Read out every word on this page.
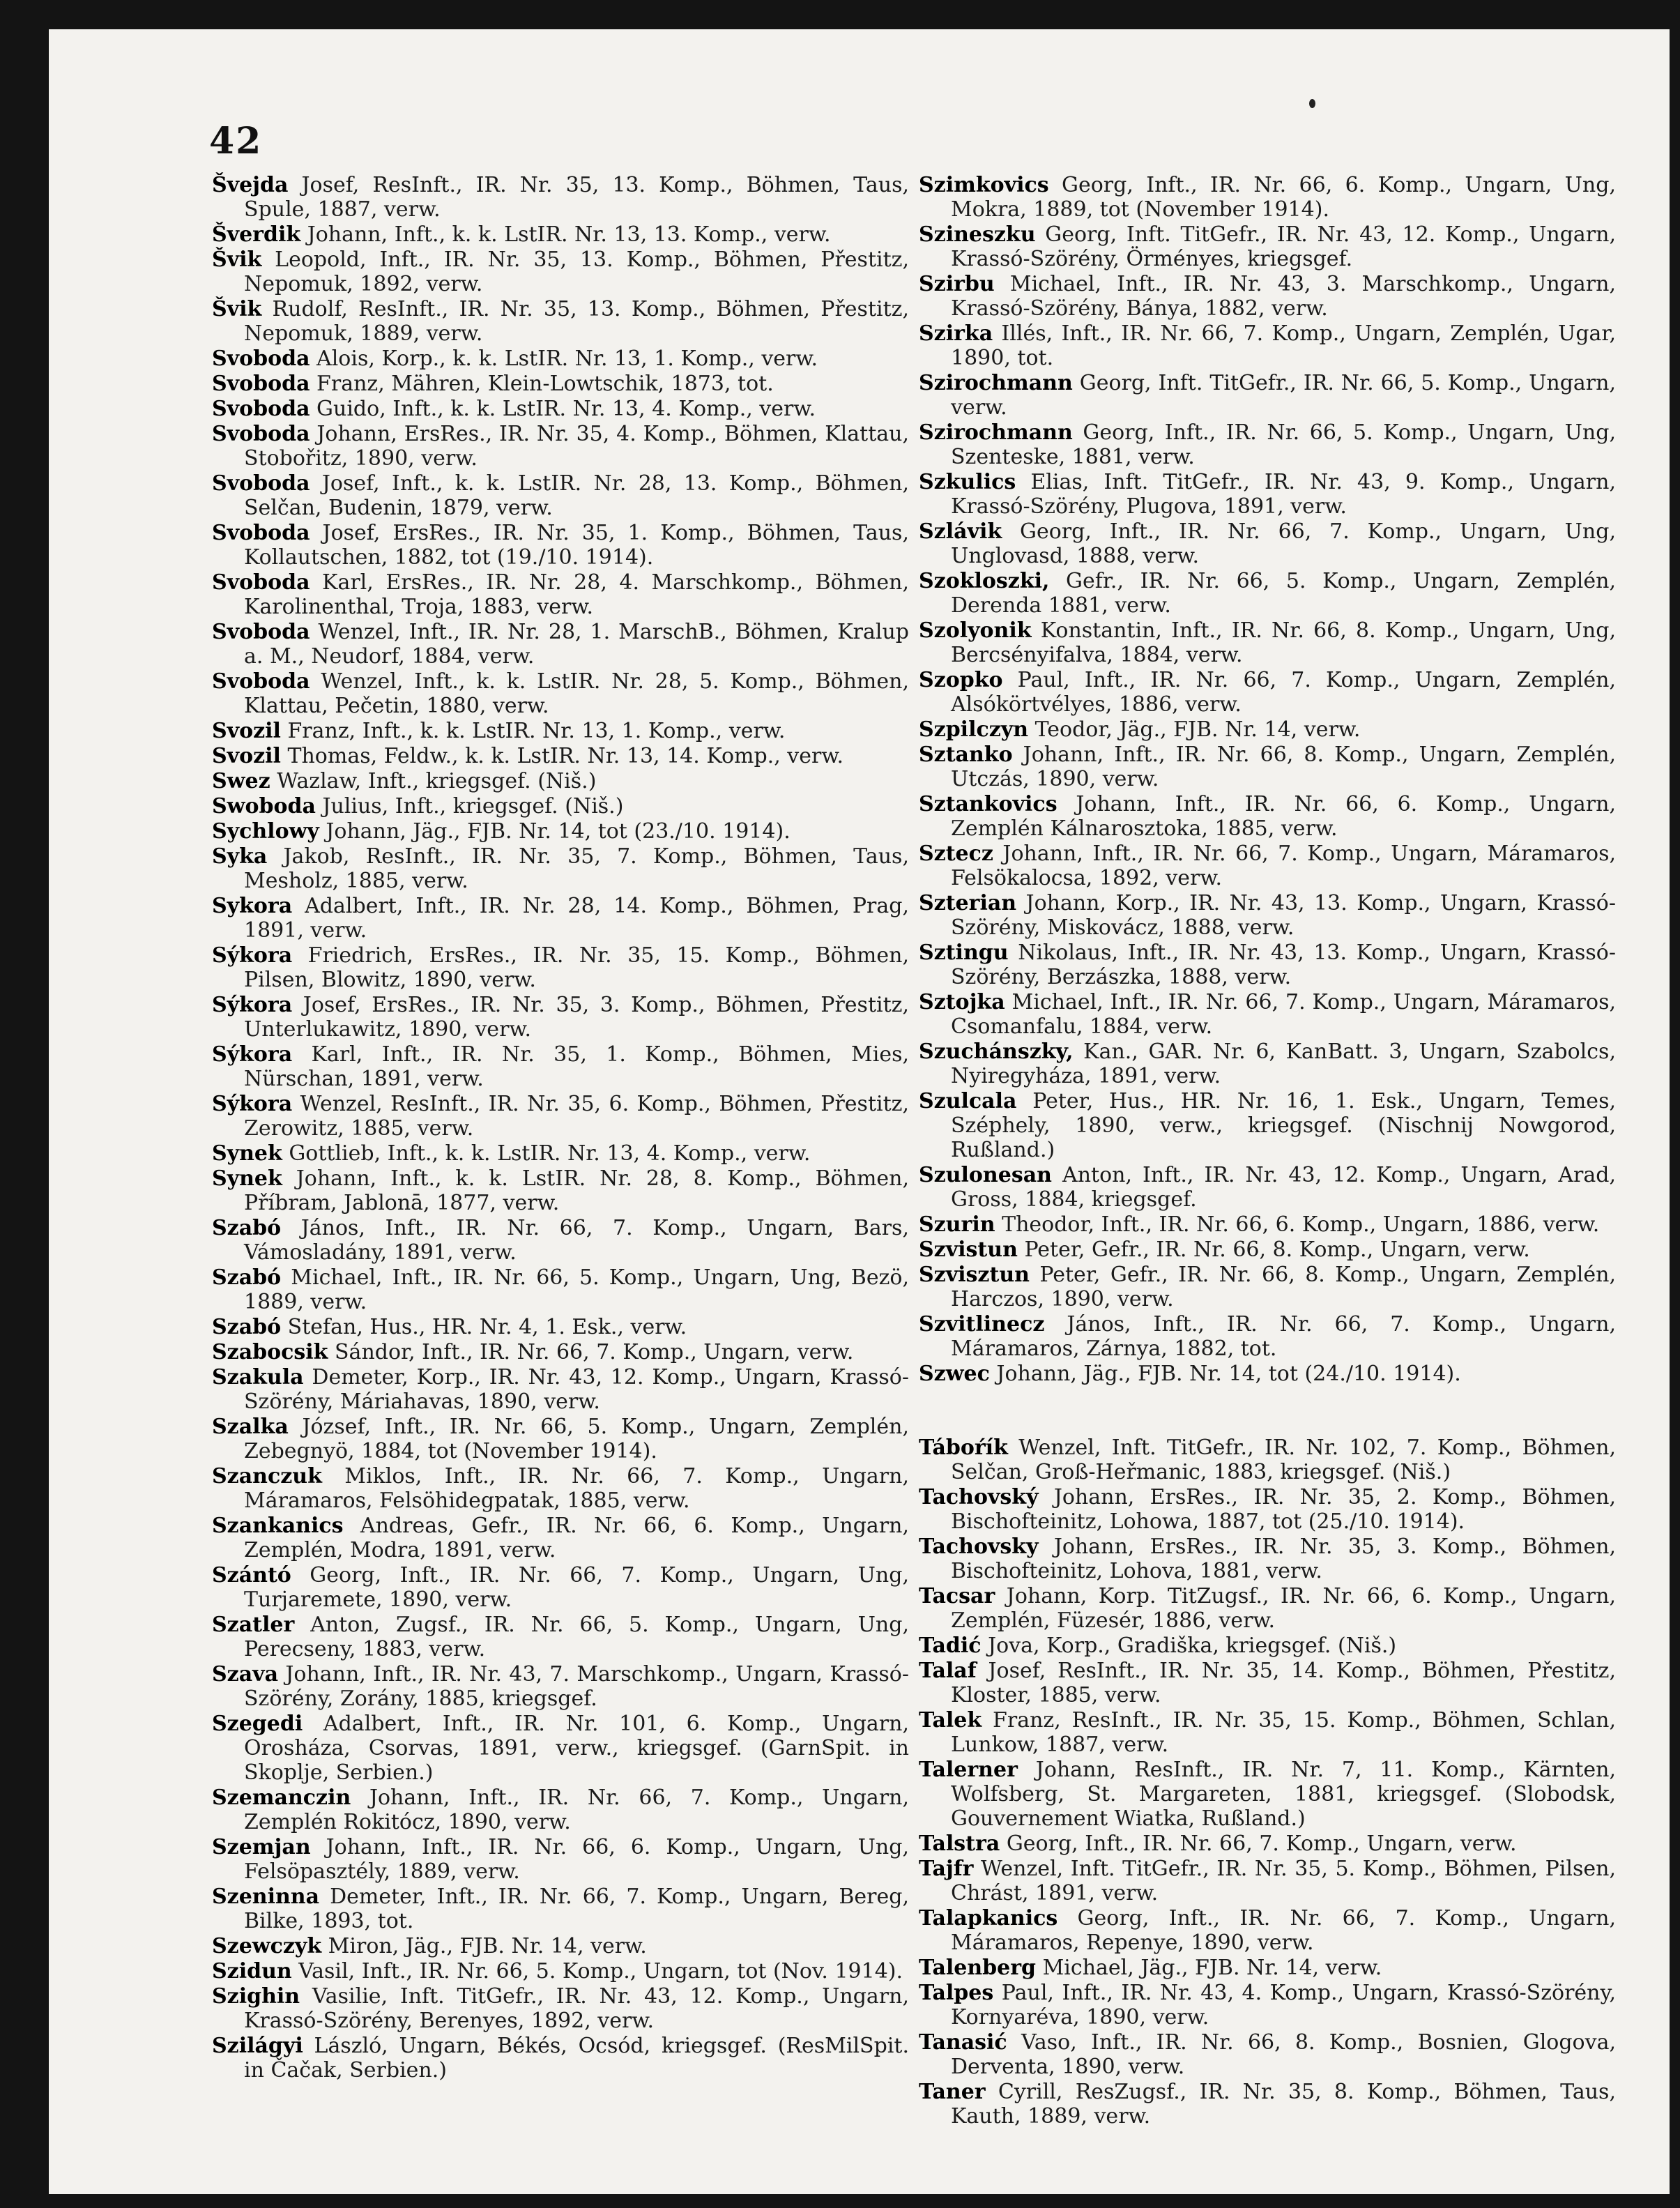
42
Švejda Josef, ResInft., IR. Nr. 35, 13. Komp., Böhmen, Taus, Spule, 1887, verw.
Šverdik Johann, Inft., k. k. LstIR. Nr. 13, 13. Komp., verw.
Švik Leopold, Inft., IR. Nr. 35, 13. Komp., Böhmen, Přestitz, Nepomuk, 1892, verw.
Švik Rudolf, ResInft., IR. Nr. 35, 13. Komp., Böhmen, Přestitz, Nepomuk, 1889, verw.
Svoboda Alois, Korp., k. k. LstIR. Nr. 13, 1. Komp., verw.
Svoboda Franz, Mähren, Klein-Lowtschik, 1873, tot.
Svoboda Guido, Inft., k. k. LstIR. Nr. 13, 4. Komp., verw.
Svoboda Johann, ErsRes., IR. Nr. 35, 4. Komp., Böhmen, Klattau, Stobořitz, 1890, verw.
Svoboda Josef, Inft., k. k. LstIR. Nr. 28, 13. Komp., Böhmen, Selčan, Budenin, 1879, verw.
Svoboda Josef, ErsRes., IR. Nr. 35, 1. Komp., Böhmen, Taus, Kollautschen, 1882, tot (19./10. 1914).
Svoboda Karl, ErsRes., IR. Nr. 28, 4. Marschkomp., Böhmen, Karolinenthal, Troja, 1883, verw.
Svoboda Wenzel, Inft., IR. Nr. 28, 1. MarschB., Böhmen, Kralup a. M., Neudorf, 1884, verw.
Svoboda Wenzel, Inft., k. k. LstIR. Nr. 28, 5. Komp., Böhmen, Klattau, Pečetin, 1880, verw.
Svozil Franz, Inft., k. k. LstIR. Nr. 13, 1. Komp., verw.
Svozil Thomas, Feldw., k. k. LstIR. Nr. 13, 14. Komp., verw.
Swez Wazlaw, Inft., kriegsgef. (Niš.)
Swoboda Julius, Inft., kriegsgef. (Niš.)
Sychlowy Johann, Jäg., FJB. Nr. 14, tot (23./10. 1914).
Syka Jakob, ResInft., IR. Nr. 35, 7. Komp., Böhmen, Taus, Mesholz, 1885, verw.
Sykora Adalbert, Inft., IR. Nr. 28, 14. Komp., Böhmen, Prag, 1891, verw.
Sýkora Friedrich, ErsRes., IR. Nr. 35, 15. Komp., Böhmen, Pilsen, Blowitz, 1890, verw.
Sýkora Josef, ErsRes., IR. Nr. 35, 3. Komp., Böhmen, Přestitz, Unterlukawitz, 1890, verw.
Sýkora Karl, Inft., IR. Nr. 35, 1. Komp., Böhmen, Mies, Nürschan, 1891, verw.
Sýkora Wenzel, ResInft., IR. Nr. 35, 6. Komp., Böhmen, Přestitz, Zerowitz, 1885, verw.
Synek Gottlieb, Inft., k. k. LstIR. Nr. 13, 4. Komp., verw.
Synek Johann, Inft., k. k. LstIR. Nr. 28, 8. Komp., Böhmen, Příbram, Jablonā, 1877, verw.
Szabó János, Inft., IR. Nr. 66, 7. Komp., Ungarn, Bars, Vámosladány, 1891, verw.
Szabó Michael, Inft., IR. Nr. 66, 5. Komp., Ungarn, Ung, Bezö, 1889, verw.
Szabó Stefan, Hus., HR. Nr. 4, 1. Esk., verw.
Szabocsik Sándor, Inft., IR. Nr. 66, 7. Komp., Ungarn, verw.
Szakula Demeter, Korp., IR. Nr. 43, 12. Komp., Ungarn, Krassó-Szörény, Máriahavas, 1890, verw.
Szalka József, Inft., IR. Nr. 66, 5. Komp., Ungarn, Zemplén, Zebegnyö, 1884, tot (November 1914).
Szanczuk Miklos, Inft., IR. Nr. 66, 7. Komp., Ungarn, Máramaros, Felsöhidegpatak, 1885, verw.
Szankanics Andreas, Gefr., IR. Nr. 66, 6. Komp., Ungarn, Zemplén, Modra, 1891, verw.
Szántó Georg, Inft., IR. Nr. 66, 7. Komp., Ungarn, Ung, Turjaremete, 1890, verw.
Szatler Anton, Zugsf., IR. Nr. 66, 5. Komp., Ungarn, Ung, Perecseny, 1883, verw.
Szava Johann, Inft., IR. Nr. 43, 7. Marschkomp., Ungarn, Krassó-Szörény, Zorány, 1885, kriegsgef.
Szegedi Adalbert, Inft., IR. Nr. 101, 6. Komp., Ungarn, Orosháza, Csorvas, 1891, verw., kriegsgef. (GarnSpit. in Skoplje, Serbien.)
Szemanczin Johann, Inft., IR. Nr. 66, 7. Komp., Ungarn, Zemplén Rokitócz, 1890, verw.
Szemjan Johann, Inft., IR. Nr. 66, 6. Komp., Ungarn, Ung, Felsöpasztély, 1889, verw.
Szeninna Demeter, Inft., IR. Nr. 66, 7. Komp., Ungarn, Bereg, Bilke, 1893, tot.
Szewczyk Miron, Jäg., FJB. Nr. 14, verw.
Szidun Vasil, Inft., IR. Nr. 66, 5. Komp., Ungarn, tot (Nov. 1914).
Szighin Vasilie, Inft. TitGefr., IR. Nr. 43, 12. Komp., Ungarn, Krassó-Szörény, Berenyes, 1892, verw.
Szilágyi László, Ungarn, Békés, Ocsód, kriegsgef. (ResMilSpit. in Čačak, Serbien.)
Szimkovics Georg, Inft., IR. Nr. 66, 6. Komp., Ungarn, Ung, Mokra, 1889, tot (November 1914).
Szineszku Georg, Inft. TitGefr., IR. Nr. 43, 12. Komp., Ungarn, Krassó-Szörény, Örményes, kriegsgef.
Szirbu Michael, Inft., IR. Nr. 43, 3. Marschkomp., Ungarn, Krassó-Szörény, Bánya, 1882, verw.
Szirka Illés, Inft., IR. Nr. 66, 7. Komp., Ungarn, Zemplén, Ugar, 1890, tot.
Szirochmann Georg, Inft. TitGefr., IR. Nr. 66, 5. Komp., Ungarn, verw.
Szirochmann Georg, Inft., IR. Nr. 66, 5. Komp., Ungarn, Ung, Szenteske, 1881, verw.
Szkulics Elias, Inft. TitGefr., IR. Nr. 43, 9. Komp., Ungarn, Krassó-Szörény, Plugova, 1891, verw.
Szlávik Georg, Inft., IR. Nr. 66, 7. Komp., Ungarn, Ung, Unglovasd, 1888, verw.
Szokloszki, Gefr., IR. Nr. 66, 5. Komp., Ungarn, Zemplén, Derenda 1881, verw.
Szolyonik Konstantin, Inft., IR. Nr. 66, 8. Komp., Ungarn, Ung, Bercsényifalva, 1884, verw.
Szopko Paul, Inft., IR. Nr. 66, 7. Komp., Ungarn, Zemplén, Alsókörtvélyes, 1886, verw.
Szpilczyn Teodor, Jäg., FJB. Nr. 14, verw.
Sztanko Johann, Inft., IR. Nr. 66, 8. Komp., Ungarn, Zemplén, Utczás, 1890, verw.
Sztankovics Johann, Inft., IR. Nr. 66, 6. Komp., Ungarn, Zemplén Kálnarosztoka, 1885, verw.
Sztecz Johann, Inft., IR. Nr. 66, 7. Komp., Ungarn, Máramaros, Felsökalocsa, 1892, verw.
Szterian Johann, Korp., IR. Nr. 43, 13. Komp., Ungarn, Krassó-Szörény, Miskovácz, 1888, verw.
Sztingu Nikolaus, Inft., IR. Nr. 43, 13. Komp., Ungarn, Krassó-Szörény, Berzászka, 1888, verw.
Sztojka Michael, Inft., IR. Nr. 66, 7. Komp., Ungarn, Máramaros, Csomanfalu, 1884, verw.
Szuchánszky, Kan., GAR. Nr. 6, KanBatt. 3, Ungarn, Szabolcs, Nyiregyháza, 1891, verw.
Szulcala Peter, Hus., HR. Nr. 16, 1. Esk., Ungarn, Temes, Széphely, 1890, verw., kriegsgef. (Nischnij Nowgorod, Rußland.)
Szulonesan Anton, Inft., IR. Nr. 43, 12. Komp., Ungarn, Arad, Gross, 1884, kriegsgef.
Szurin Theodor, Inft., IR. Nr. 66, 6. Komp., Ungarn, 1886, verw.
Szvistun Peter, Gefr., IR. Nr. 66, 8. Komp., Ungarn, verw.
Szvisztun Peter, Gefr., IR. Nr. 66, 8. Komp., Ungarn, Zemplén, Harczos, 1890, verw.
Szvitlinecz János, Inft., IR. Nr. 66, 7. Komp., Ungarn, Máramaros, Zárnya, 1882, tot.
Szwec Johann, Jäg., FJB. Nr. 14, tot (24./10. 1914).
Táboŕík Wenzel, Inft. TitGefr., IR. Nr. 102, 7. Komp., Böhmen, Selčan, Groß-Heřmanic, 1883, kriegsgef. (Niš.)
Tachovský Johann, ErsRes., IR. Nr. 35, 2. Komp., Böhmen, Bischofteinitz, Lohowa, 1887, tot (25./10. 1914).
Tachovsky Johann, ErsRes., IR. Nr. 35, 3. Komp., Böhmen, Bischofteinitz, Lohova, 1881, verw.
Tacsar Johann, Korp. TitZugsf., IR. Nr. 66, 6. Komp., Ungarn, Zemplén, Füzesér, 1886, verw.
Tadić Jova, Korp., Gradiška, kriegsgef. (Niš.)
Talaf Josef, ResInft., IR. Nr. 35, 14. Komp., Böhmen, Přestitz, Kloster, 1885, verw.
Talek Franz, ResInft., IR. Nr. 35, 15. Komp., Böhmen, Schlan, Lunkow, 1887, verw.
Talerner Johann, ResInft., IR. Nr. 7, 11. Komp., Kärnten, Wolfsberg, St. Margareten, 1881, kriegsgef. (Slobodsk, Gouvernement Wiatka, Rußland.)
Talstra Georg, Inft., IR. Nr. 66, 7. Komp., Ungarn, verw.
Tajfr Wenzel, Inft. TitGefr., IR. Nr. 35, 5. Komp., Böhmen, Pilsen, Chrást, 1891, verw.
Talapkanics Georg, Inft., IR. Nr. 66, 7. Komp., Ungarn, Máramaros, Repenye, 1890, verw.
Talenberg Michael, Jäg., FJB. Nr. 14, verw.
Talpes Paul, Inft., IR. Nr. 43, 4. Komp., Ungarn, Krassó-Szörény, Kornyaréva, 1890, verw.
Tanasić Vaso, Inft., IR. Nr. 66, 8. Komp., Bosnien, Glogova, Derventa, 1890, verw.
Taner Cyrill, ResZugsf., IR. Nr. 35, 8. Komp., Böhmen, Taus, Kauth, 1889, verw.
